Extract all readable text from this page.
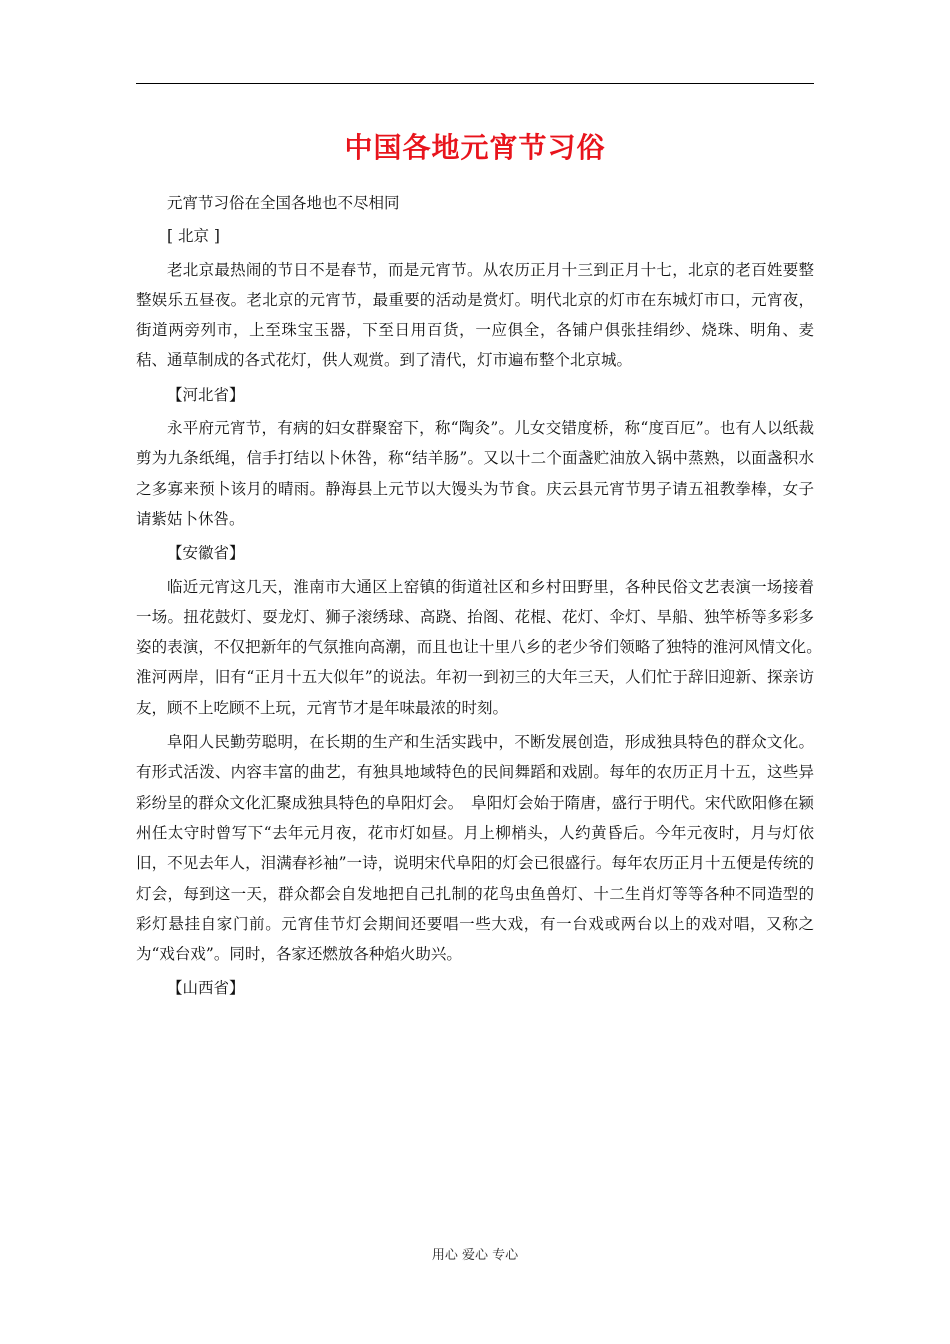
中国各地元宵节习俗

元宵节习俗在全国各地也不尽相同

[ 北京 ]

老北京最热闹的节日不是春节，而是元宵节。从农历正月十三到正月十七，北京的老百姓要整整娱乐五昼夜。老北京的元宵节，最重要的活动是赏灯。明代北京的灯市在东城灯市口，元宵夜，街道两旁列市，上至珠宝玉器，下至日用百货，一应俱全，各铺户俱张挂绢纱、烧珠、明角、麦秸、通草制成的各式花灯，供人观赏。到了清代，灯市遍布整个北京城。

【河北省】

永平府元宵节，有病的妇女群聚窑下，称“陶灸”。儿女交错度桥，称“度百厄”。也有人以纸裁剪为九条纸绳，信手打结以卜休咎，称“结羊肠”。又以十二个面盏贮油放入锅中蒸熟，以面盏积水之多寡来预卜该月的晴雨。静海县上元节以大馒头为节食。庆云县元宵节男子请五祖教拳棒，女子请紫姑卜休咎。

【安徽省】

临近元宵这几天，淮南市大通区上窑镇的街道社区和乡村田野里，各种民俗文艺表演一场接着一场。扭花鼓灯、耍龙灯、狮子滚绣球、高跷、抬阁、花棍、花灯、伞灯、旱船、独竿桥等多彩多姿的表演，不仅把新年的气氛推向高潮，而且也让十里八乡的老少爷们领略了独特的淮河风情文化。　淮河两岸，旧有“正月十五大似年”的说法。年初一到初三的大年三天，人们忙于辞旧迎新、探亲访友，顾不上吃顾不上玩，元宵节才是年味最浓的时刻。

阜阳人民勤劳聪明，在长期的生产和生活实践中，不断发展创造，形成独具特色的群众文化。有形式活泼、内容丰富的曲艺，有独具地域特色的民间舞蹈和戏剧。每年的农历正月十五，这些异彩纷呈的群众文化汇聚成独具特色的阜阳灯会。　阜阳灯会始于隋唐，盛行于明代。宋代欧阳修在颍州任太守时曾写下“去年元月夜，花市灯如昼。月上柳梢头，人约黄昏后。今年元夜时，月与灯依旧，不见去年人，泪满春衫袖”一诗，说明宋代阜阳的灯会已很盛行。每年农历正月十五便是传统的灯会，每到这一天，群众都会自发地把自己扎制的花鸟虫鱼兽灯、十二生肖灯等等各种不同造型的彩灯悬挂自家门前。元宵佳节灯会期间还要唱一些大戏，有一台戏或两台以上的戏对唱，又称之为“戏台戏”。同时，各家还燃放各种焰火助兴。

【山西省】

用心 爱心 专心
